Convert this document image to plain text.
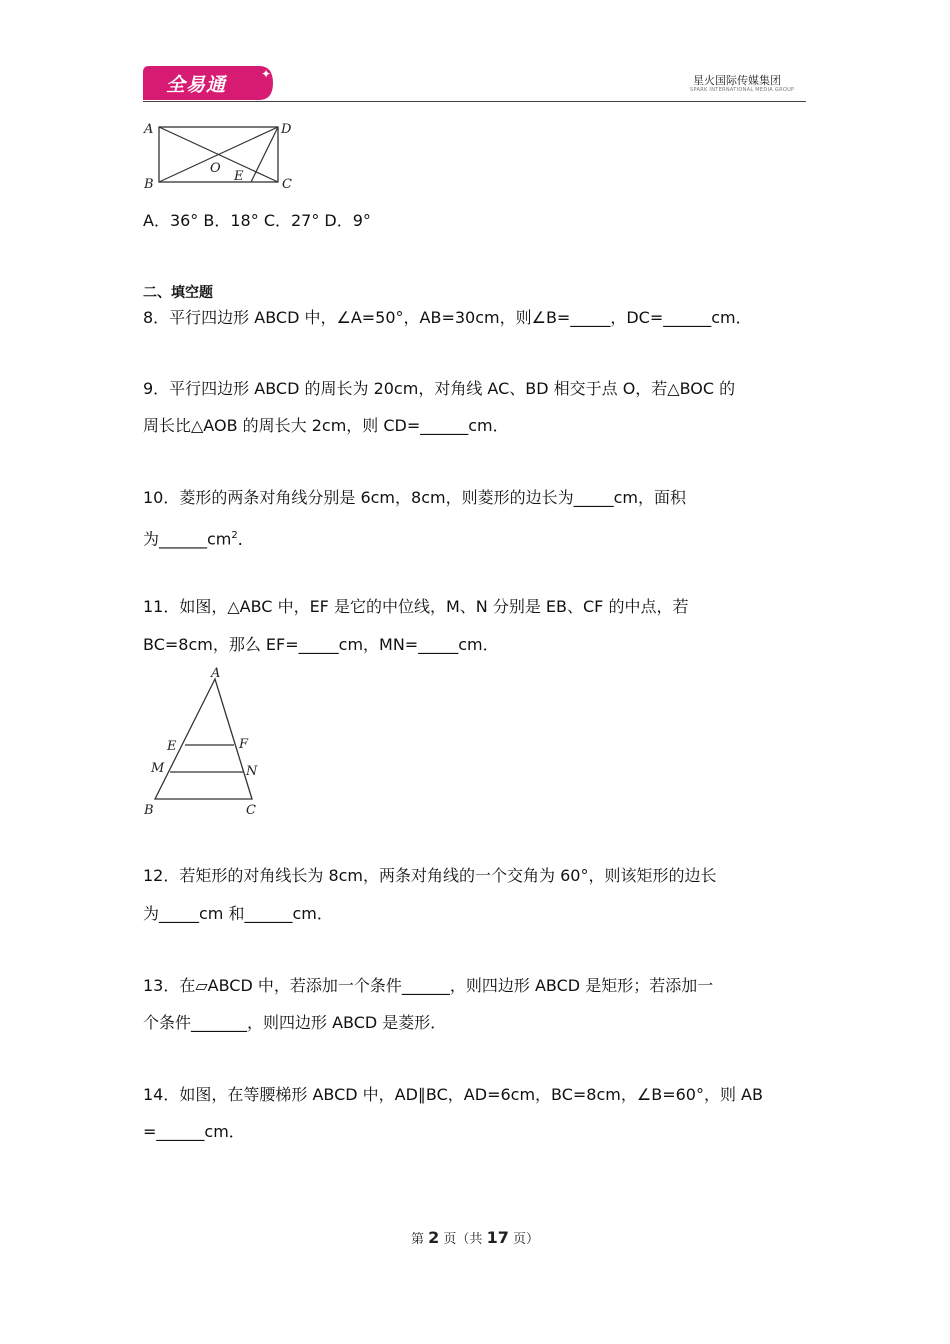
✦
全易通	星火国际传媒集团
SPARK INTERNATIONAL MEDIA GROUP
A	D
O
E
B	C
A．36° B．18° C．27° D．9°
二、填空题
8．平行四边形 ABCD 中，∠A=50°，AB=30cm，则∠B=_____，DC=______cm．
9．平行四边形 ABCD 的周长为 20cm，对角线 AC、BD 相交于点 O，若△BOC 的
周长比△AOB 的周长大 2cm，则 CD=______cm．
10．菱形的两条对角线分别是 6cm，8cm，则菱形的边长为_____cm，面积
为$\_\_\_\_\_\_cm^2$．
11．如图，△ABC 中，EF 是它的中位线，M、N 分别是 EB、CF 的中点，若
BC=8cm，那么 EF=_____cm，MN=_____cm．
A
E	F
M	N
B	C
12．若矩形的对角线长为 8cm，两条对角线的一个交角为 60°，则该矩形的边长
为_____cm 和______cm．
13．在▱ABCD 中，若添加一个条件______，则四边形 ABCD 是矩形；若添加一
个条件_______，则四边形 ABCD 是菱形．
14．如图，在等腰梯形 ABCD 中，AD∥BC，AD=6cm，BC=8cm，∠B=60°，则 AB
=______cm．
第 2 页（共 17 页）
